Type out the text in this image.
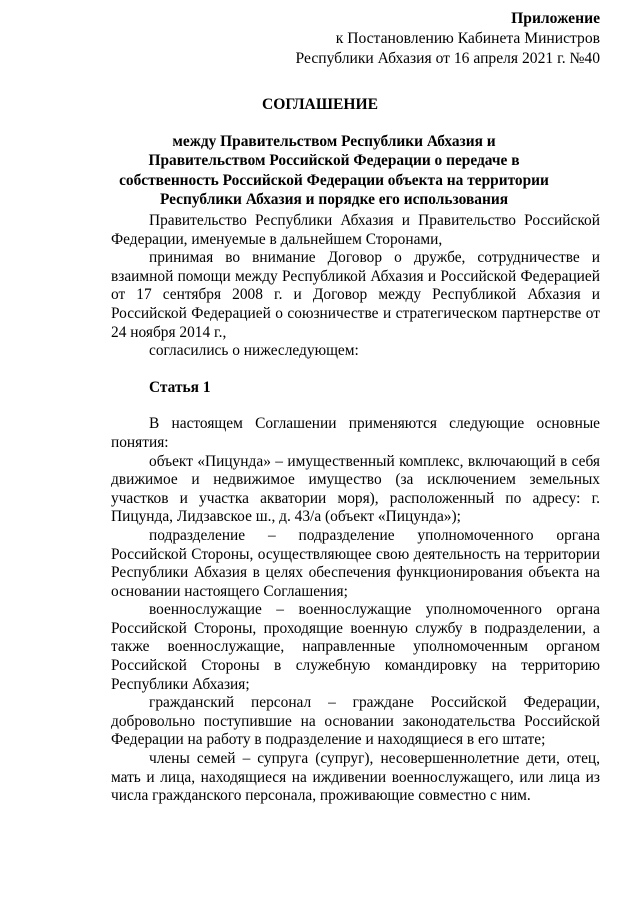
Приложение
к Постановлению Кабинета Министров
Республики Абхазия от 16 апреля 2021 г. №40
СОГЛАШЕНИЕ
между Правительством Республики Абхазия и Правительством Российской Федерации о передаче в собственность Российской Федерации объекта на территории Республики Абхазия и порядке его использования

Правительство Республики Абхазия и Правительство Российской Федерации, именуемые в дальнейшем Сторонами,

принимая во внимание Договор о дружбе, сотрудничестве и взаимной помощи между Республикой Абхазия и Российской Федерацией от 17 сентября 2008 г. и Договор между Республикой Абхазия и Российской Федерацией о союзничестве и стратегическом партнерстве от 24 ноября 2014 г.,

согласились о нижеследующем:

Статья 1

В настоящем Соглашении применяются следующие основные понятия:

объект «Пицунда» – имущественный комплекс, включающий в себя движимое и недвижимое имущество (за исключением земельных участков и участка акватории моря), расположенный по адресу: г. Пицунда, Лидзавское ш., д. 43/а (объект «Пицунда»);

подразделение – подразделение уполномоченного органа Российской Стороны, осуществляющее свою деятельность на территории Республики Абхазия в целях обеспечения функционирования объекта на основании настоящего Соглашения;

военнослужащие – военнослужащие уполномоченного органа Российской Стороны, проходящие военную службу в подразделении, а также военнослужащие, направленные уполномоченным органом Российской Стороны в служебную командировку на территорию Республики Абхазия;

гражданский персонал – граждане Российской Федерации, добровольно поступившие на основании законодательства Российской Федерации на работу в подразделение и находящиеся в его штате;

члены семей – супруга (супруг), несовершеннолетние дети, отец, мать и лица, находящиеся на иждивении военнослужащего, или лица из числа гражданского персонала, проживающие совместно с ним.
